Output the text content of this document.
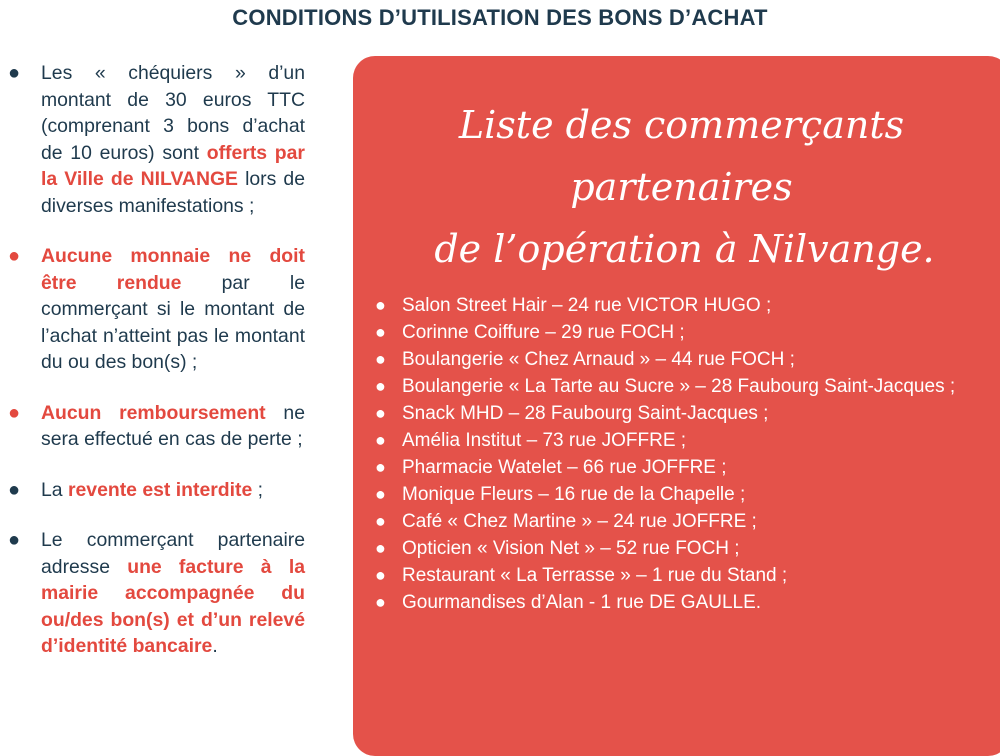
CONDITIONS D’UTILISATION DES BONS D’ACHAT
● Les « chéquiers » d’un montant de 30 euros TTC (comprenant 3 bons d’achat de 10 euros) sont offerts par la Ville de NILVANGE lors de diverses manifestations ;
● Aucune monnaie ne doit être rendue par le commerçant si le montant de l’achat n’atteint pas le montant du ou des bon(s) ;
● Aucun remboursement ne sera effectué en cas de perte ;
● La revente est interdite ;
● Le commerçant partenaire adresse une facture à la mairie accompagnée du ou/des bon(s) et d’un relevé d’identité bancaire.
Liste des commerçants partenaires
de l’opération à Nilvange.
● Salon Street Hair – 24 rue VICTOR HUGO ;
● Corinne Coiffure – 29 rue FOCH ;
● Boulangerie « Chez Arnaud » – 44 rue FOCH ;
● Boulangerie « La Tarte au Sucre » – 28 Faubourg Saint-Jacques ;
● Snack MHD – 28 Faubourg Saint-Jacques ;
● Amélia Institut – 73 rue JOFFRE ;
● Pharmacie Watelet – 66 rue JOFFRE ;
● Monique Fleurs – 16 rue de la Chapelle ;
● Café « Chez Martine » – 24 rue JOFFRE ;
● Opticien « Vision Net » – 52 rue FOCH ;
● Restaurant « La Terrasse » – 1 rue du Stand ;
● Gourmandises d’Alan - 1 rue DE GAULLE.
